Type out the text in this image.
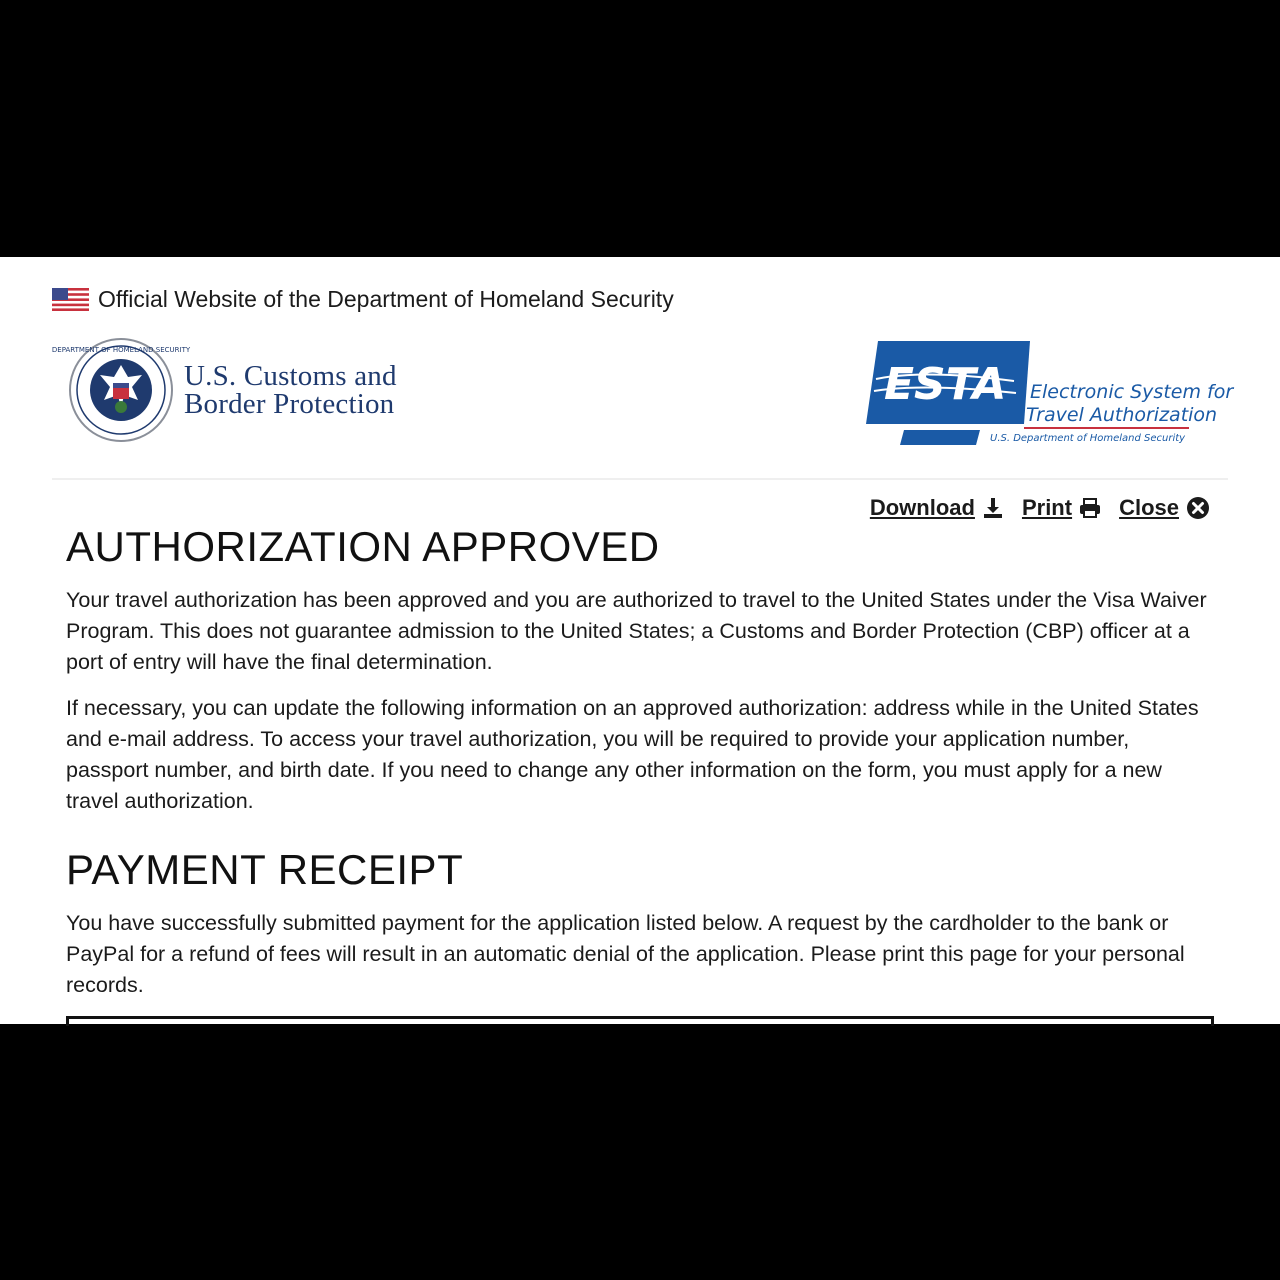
Official Website of the Department of Homeland Security
DEPARTMENT OF HOMELAND SECURITY
U.S. Customs and
Border Protection	ESTA Electronic System for
Travel Authorization
U.S. Department of Homeland Security
Download Print Close
AUTHORIZATION APPROVED

Your travel authorization has been approved and you are authorized to travel to the United States under the Visa Waiver Program. This does not guarantee admission to the United States; a Customs and Border Protection (CBP) officer at a port of entry will have the final determination.

If necessary, you can update the following information on an approved authorization: address while in the United States and e-mail address. To access your travel authorization, you will be required to provide your application number, passport number, and birth date. If you need to change any other information on the form, you must apply for a new travel authorization.

PAYMENT RECEIPT

You have successfully submitted payment for the application listed below. A request by the cardholder to the bank or PayPal for a refund of fees will result in an automatic denial of the application. Please print this page for your personal records.
